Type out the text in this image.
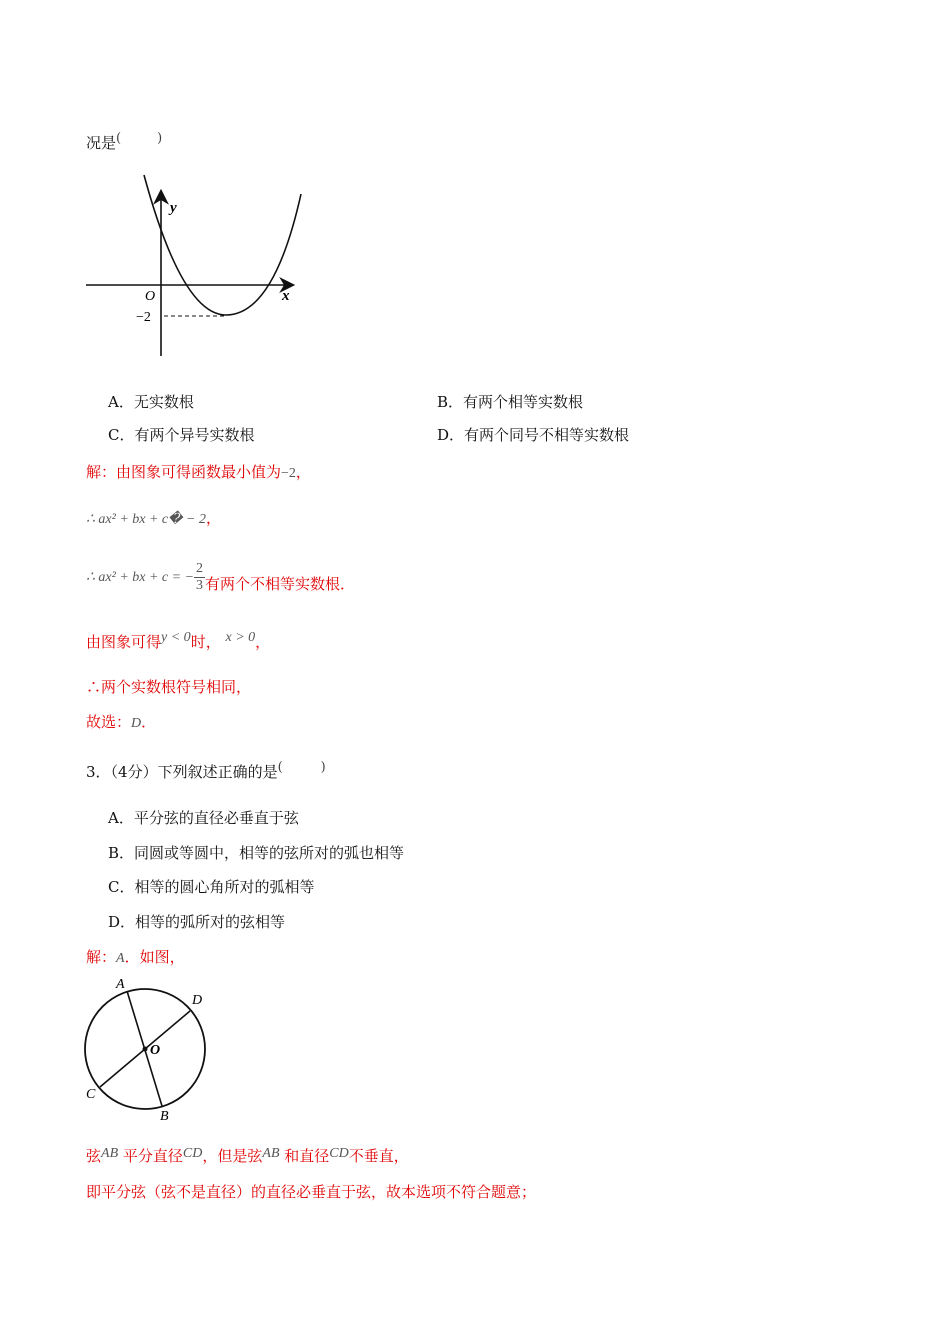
况是(	)
y
x
O
−2
A．无实数根	B．有两个相等实数根
C．有两个异号实数根	D．有两个同号不相等实数根
解：由图象可得函数最小值为−2，
∴ ax² + bx + c� − 2，
∴ ax² + bx + c = − $\frac{2}{3}$ 有两个不相等实数根．
由图象可得y < 0时， x > 0，
∴两个实数根符号相同，
故选：D．
3．（4分）下列叙述正确的是(	)
A．平分弦的直径必垂直于弦
B．同圆或等圆中，相等的弦所对的弧也相等
C．相等的圆心角所对的弧相等
D．相等的弧所对的弦相等
解：A．如图，
A
D
O
C
B
弦AB 平分直径CD，但是弦AB 和直径CD不垂直，
即平分弦（弦不是直径）的直径必垂直于弦，故本选项不符合题意；
